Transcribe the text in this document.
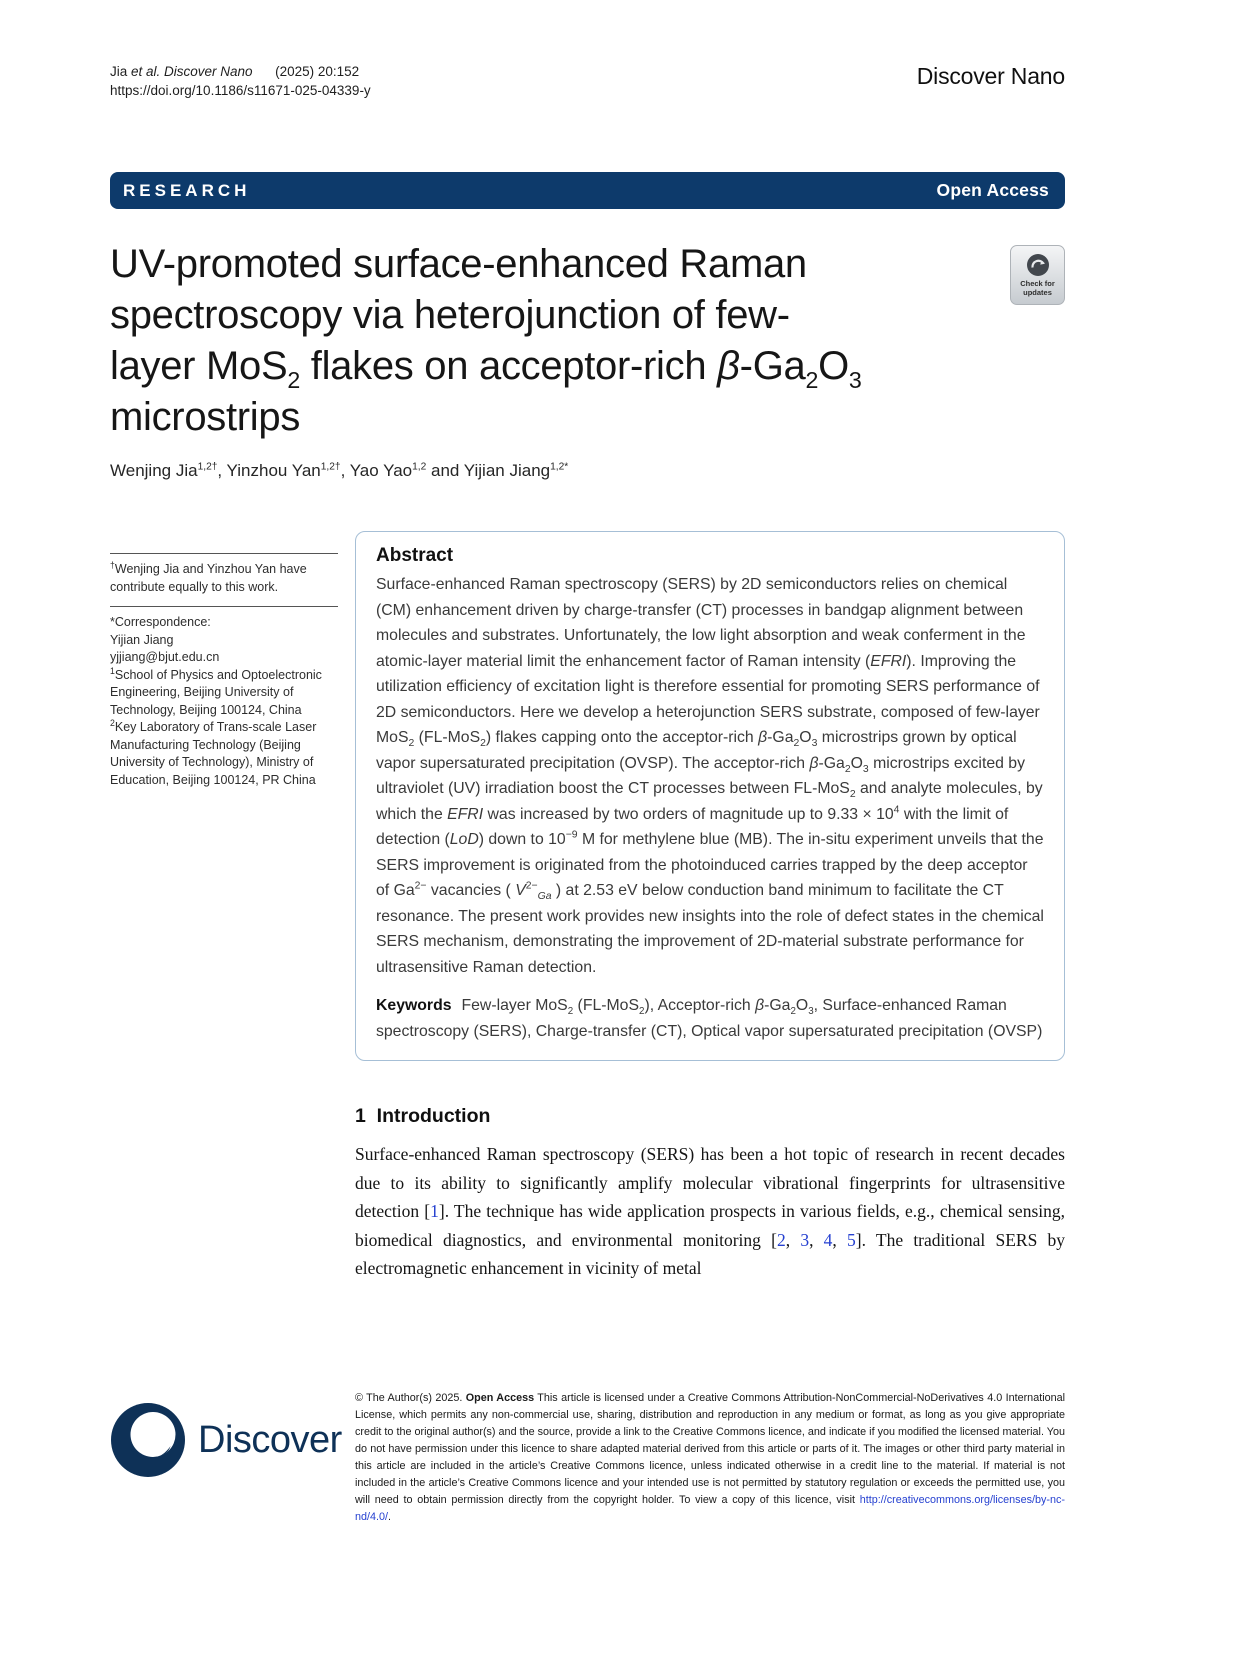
Jia et al. Discover Nano      (2025) 20:152
https://doi.org/10.1186/s11671-025-04339-y
Discover Nano
RESEARCH	Open Access
UV-promoted surface-enhanced Raman
spectroscopy via heterojunction of few-
layer MoS$_2$ flakes on acceptor-rich $\beta-Ga_2O_3$
microstrips
Check for
updates
Wenjing Jia$^{1,2\dagger}$, Yinzhou Yan$^{1,2\dagger}$, Yao Yao$^{1,2}$ and Yijian Jiang$^{1,2*}$

†Wenjing Jia and Yinzhou Yan have contribute equally to this work.

*Correspondence:
Yijian Jiang
yjjiang@bjut.edu.cn

$^1$School of Physics and Optoelectronic Engineering, Beijing University of Technology, Beijing 100124, China

$^2$Key Laboratory of Trans-scale Laser Manufacturing Technology (Beijing University of Technology), Ministry of Education, Beijing 100124, PR China

Abstract

Surface-enhanced Raman spectroscopy (SERS) by 2D semiconductors relies on chemical (CM) enhancement driven by charge-transfer (CT) processes in bandgap alignment between molecules and substrates. Unfortunately, the low light absorption and weak conferment in the atomic-layer material limit the enhancement factor of Raman intensity (EFRI). Improving the utilization efficiency of excitation light is therefore essential for promoting SERS performance of 2D semiconductors. Here we develop a heterojunction SERS substrate, composed of few-layer MoS$_2$ (FL-MoS$_2$) flakes capping onto the acceptor-rich $\beta-Ga_2O_3$ microstrips grown by optical vapor supersaturated precipitation (OVSP). The acceptor-rich $\beta-Ga_2O_3$ microstrips excited by ultraviolet (UV) irradiation boost the CT processes between FL-MoS$_2$ and analyte molecules, by which the EFRI was increased by two orders of magnitude up to $9.33 \times 10^4$ with the limit of detection (LoD) down to $10^{-9}$ M for methylene blue (MB). The in-situ experiment unveils that the SERS improvement is originated from the photoinduced carries trapped by the deep acceptor of $Ga^{2-}$ vacancies ( $V^{2-}_{Ga}$ ) at 2.53 eV below conduction band minimum to facilitate the CT resonance. The present work provides new insights into the role of defect states in the chemical SERS mechanism, demonstrating the improvement of 2D-material substrate performance for ultrasensitive Raman detection.

Keywords Few-layer MoS$_2$ (FL-MoS$_2$), Acceptor-rich $\beta-Ga_2O_3$, Surface-enhanced Raman spectroscopy (SERS), Charge-transfer (CT), Optical vapor supersaturated precipitation (OVSP)

1  Introduction

Surface-enhanced Raman spectroscopy (SERS) has been a hot topic of research in recent decades due to its ability to significantly amplify molecular vibrational fingerprints for ultrasensitive detection [1]. The technique has wide application prospects in various fields, e.g., chemical sensing, biomedical diagnostics, and environmental monitoring [2, 3, 4, 5]. The traditional SERS by electromagnetic enhancement in vicinity of metal

Discover

© The Author(s) 2025. Open Access This article is licensed under a Creative Commons Attribution-NonCommercial-NoDerivatives 4.0 International License, which permits any non-commercial use, sharing, distribution and reproduction in any medium or format, as long as you give appropriate credit to the original author(s) and the source, provide a link to the Creative Commons licence, and indicate if you modified the licensed material. You do not have permission under this licence to share adapted material derived from this article or parts of it. The images or other third party material in this article are included in the article’s Creative Commons licence, unless indicated otherwise in a credit line to the material. If material is not included in the article’s Creative Commons licence and your intended use is not permitted by statutory regulation or exceeds the permitted use, you will need to obtain permission directly from the copyright holder. To view a copy of this licence, visit http://creativecommons.org/licenses/by-nc-nd/4.0/.
